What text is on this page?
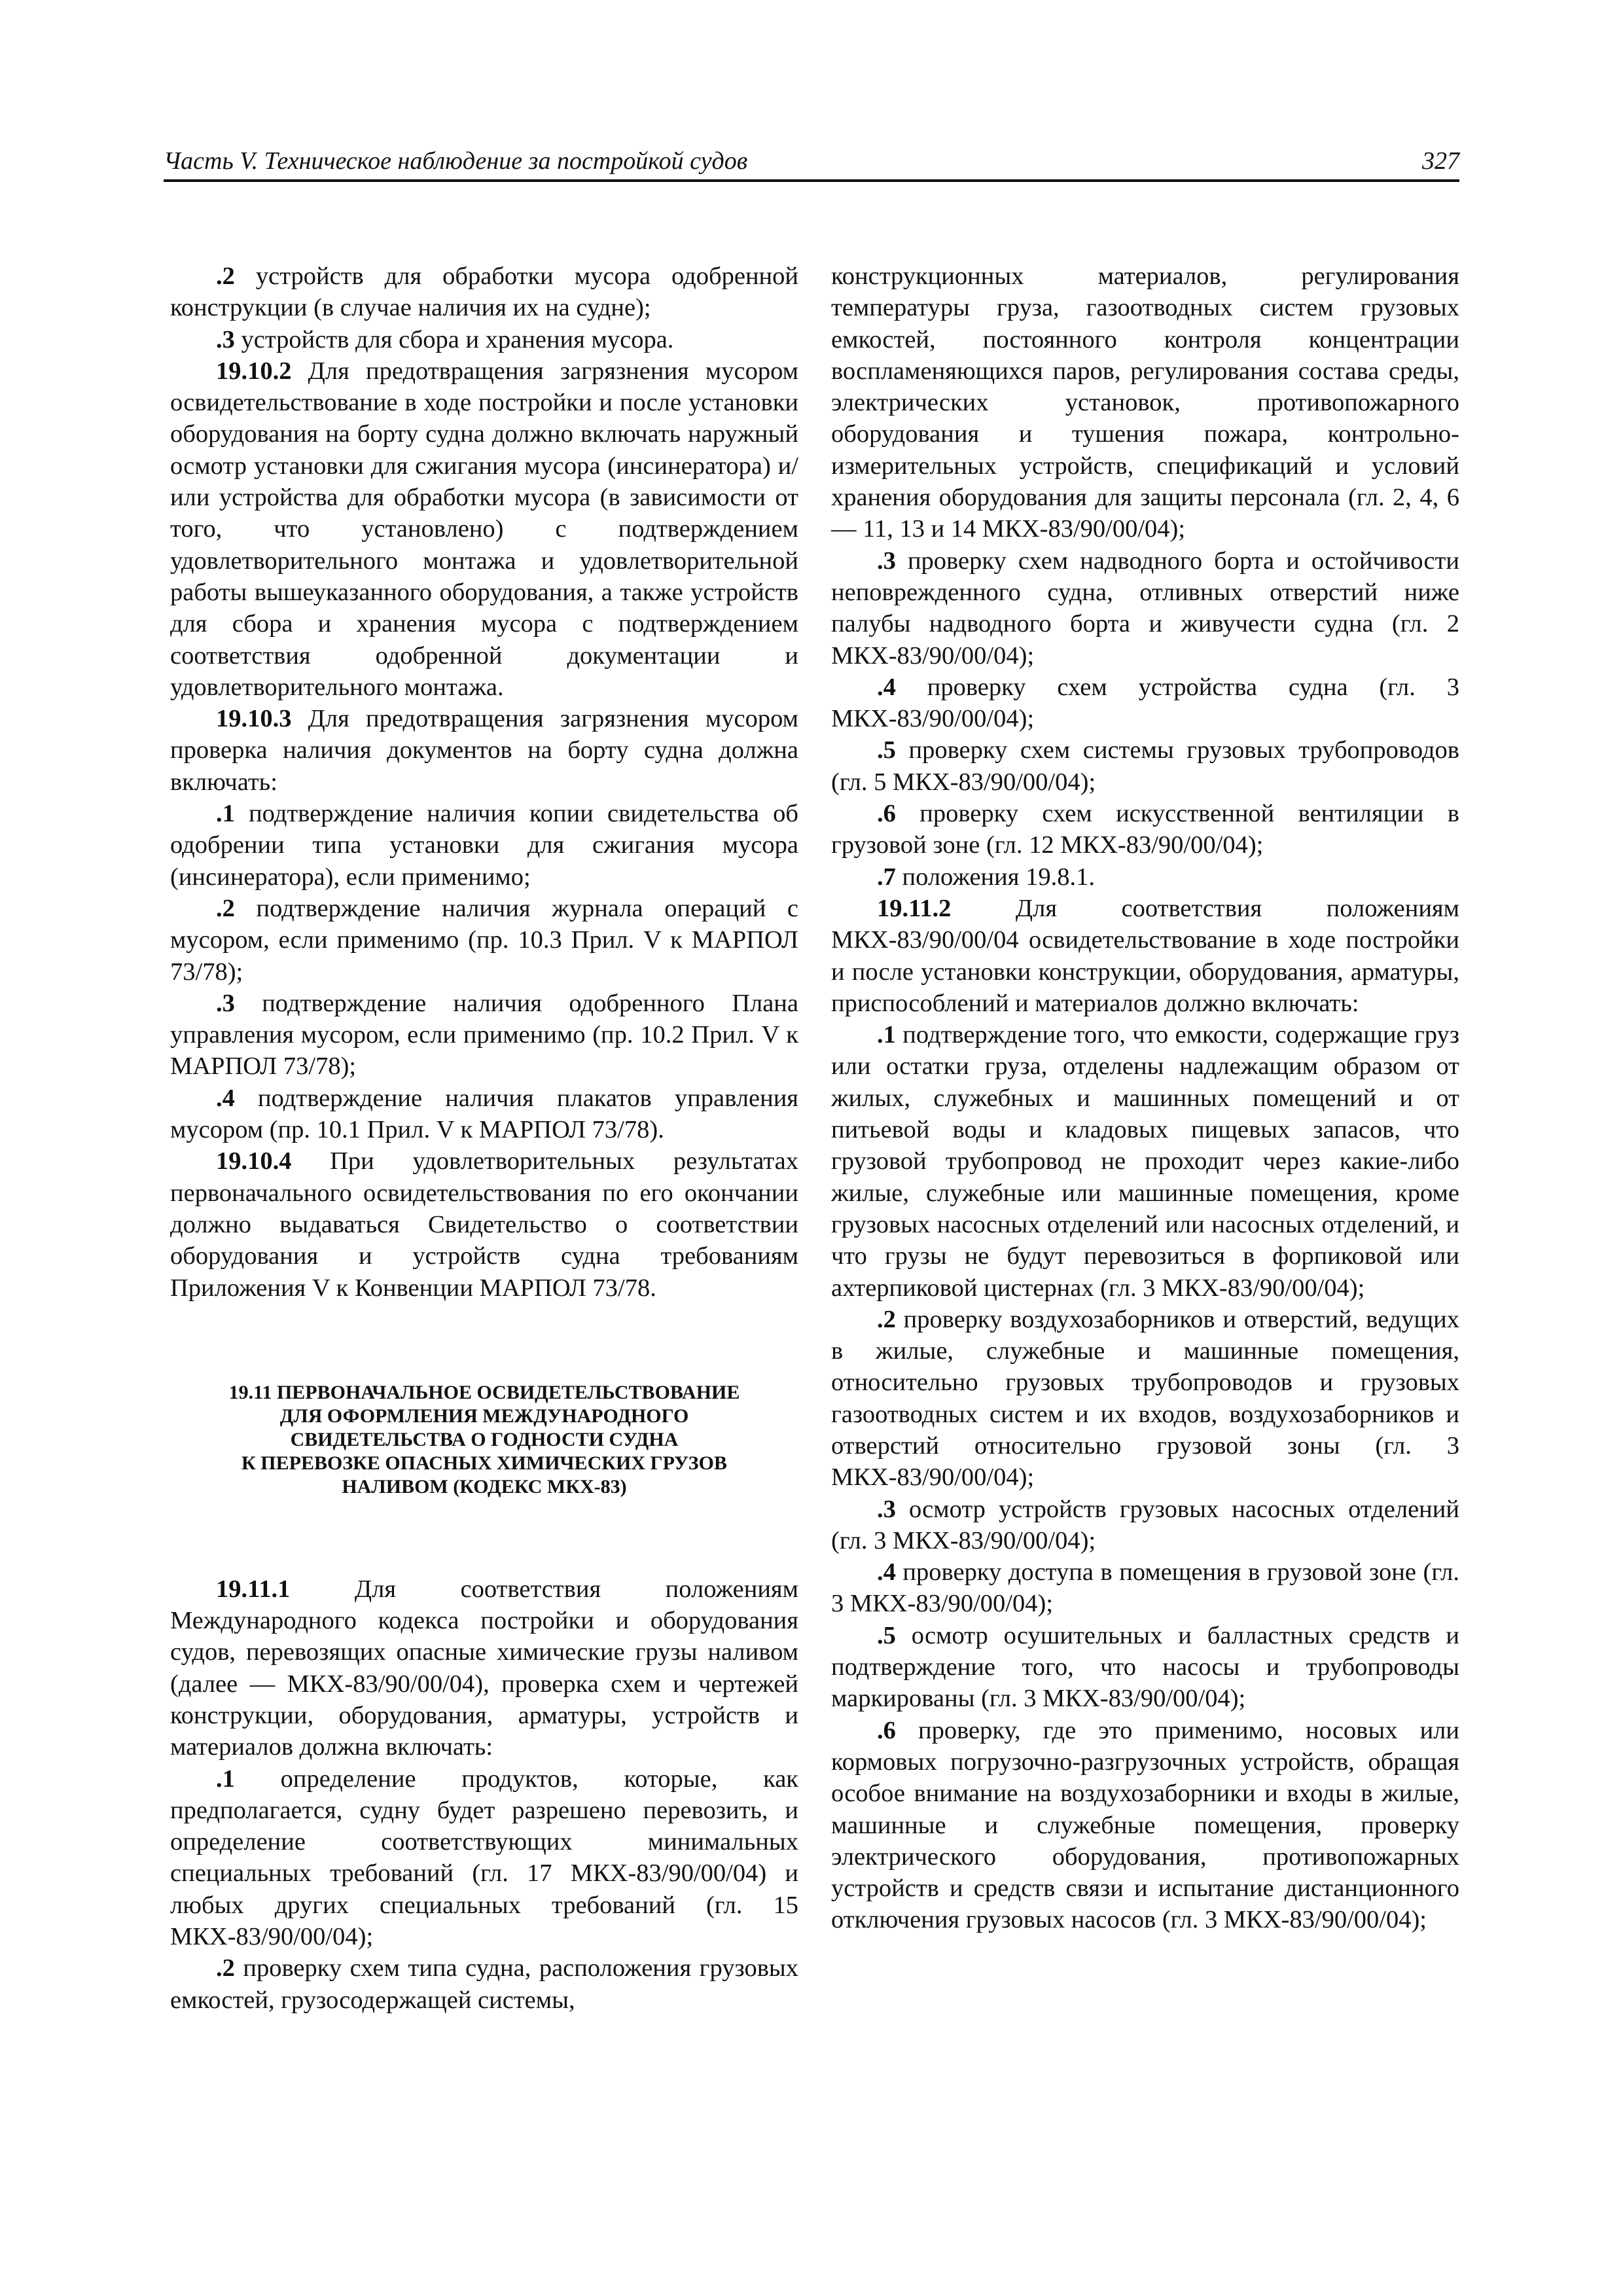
Часть V. Техническое наблюдение за постройкой судов	327

.2 устройств для обработки мусора одобренной конструкции (в случае наличия их на судне);

.3 устройств для сбора и хранения мусора.

19.10.2 Для предотвращения загрязнения мусором освидетельствование в ходе постройки и после установки оборудования на борту судна должно включать наружный осмотр установки для сжигания мусора (инсинератора) и/или устройства для обработки мусора (в зависимости от того, что установлено) с подтверждением удовлетворительного монтажа и удовлетворительной работы вышеуказанного оборудования, а также устройств для сбора и хранения мусора с подтверждением соответствия одобренной документации и удовлетворительного монтажа.

19.10.3 Для предотвращения загрязнения мусором проверка наличия документов на борту судна должна включать:

.1 подтверждение наличия копии свидетельства об одобрении типа установки для сжигания мусора (инсинератора), если применимо;

.2 подтверждение наличия журнала операций с мусором, если применимо (пр. 10.3 Прил. V к МАРПОЛ 73/78);

.3 подтверждение наличия одобренного Плана управления мусором, если применимо (пр. 10.2 Прил. V к МАРПОЛ 73/78);

.4 подтверждение наличия плакатов управления мусором (пр. 10.1 Прил. V к МАРПОЛ 73/78).

19.10.4 При удовлетворительных результатах первоначального освидетельствования по его окончании должно выдаваться Свидетельство о соответствии оборудования и устройств судна требованиям Приложения V к Конвенции МАРПОЛ 73/78.

19.11 ПЕРВОНАЧАЛЬНОЕ ОСВИДЕТЕЛЬСТВОВАНИЕ
ДЛЯ ОФОРМЛЕНИЯ МЕЖДУНАРОДНОГО
СВИДЕТЕЛЬСТВА О ГОДНОСТИ СУДНА
К ПЕРЕВОЗКЕ ОПАСНЫХ ХИМИЧЕСКИХ ГРУЗОВ
НАЛИВОМ (КОДЕКС МКХ-83)

19.11.1 Для соответствия положениям Международного кодекса постройки и оборудования судов, перевозящих опасные химические грузы наливом (далее — МКХ-83/90/00/04), проверка схем и чертежей конструкции, оборудования, арматуры, устройств и материалов должна включать:

.1 определение продуктов, которые, как предполагается, судну будет разрешено перевозить, и определение соответствующих минимальных специальных требований (гл. 17 МКХ-83/90/00/04) и любых других специальных требований (гл. 15 МКХ-83/90/00/04);

.2 проверку схем типа судна, расположения грузовых емкостей, грузосодержащей системы,

конструкционных материалов, регулирования температуры груза, газоотводных систем грузовых емкостей, постоянного контроля концентрации воспламеняющихся паров, регулирования состава среды, электрических установок, противопожарного оборудования и тушения пожара, контрольно-измерительных устройств, спецификаций и условий хранения оборудования для защиты персонала (гл. 2, 4, 6 — 11, 13 и 14 МКХ-83/90/00/04);

.3 проверку схем надводного борта и остойчивости неповрежденного судна, отливных отверстий ниже палубы надводного борта и живучести судна (гл. 2 МКХ-83/90/00/04);

.4 проверку схем устройства судна (гл. 3 МКХ-83/90/00/04);

.5 проверку схем системы грузовых трубопроводов (гл. 5 МКХ-83/90/00/04);

.6 проверку схем искусственной вентиляции в грузовой зоне (гл. 12 МКХ-83/90/00/04);

.7 положения 19.8.1.

19.11.2 Для соответствия положениям МКХ-83/90/00/04 освидетельствование в ходе постройки и после установки конструкции, оборудования, арматуры, приспособлений и материалов должно включать:

.1 подтверждение того, что емкости, содержащие груз или остатки груза, отделены надлежащим образом от жилых, служебных и машинных помещений и от питьевой воды и кладовых пищевых запасов, что грузовой трубопровод не проходит через какие-либо жилые, служебные или машинные помещения, кроме грузовых насосных отделений или насосных отделений, и что грузы не будут перевозиться в форпиковой или ахтерпиковой цистернах (гл. 3 МКХ-83/90/00/04);

.2 проверку воздухозаборников и отверстий, ведущих в жилые, служебные и машинные помещения, относительно грузовых трубопроводов и грузовых газоотводных систем и их входов, воздухозаборников и отверстий относительно грузовой зоны (гл. 3 МКХ-83/90/00/04);

.3 осмотр устройств грузовых насосных отделений (гл. 3 МКХ-83/90/00/04);

.4 проверку доступа в помещения в грузовой зоне (гл. 3 МКХ-83/90/00/04);

.5 осмотр осушительных и балластных средств и подтверждение того, что насосы и трубопроводы маркированы (гл. 3 МКХ-83/90/00/04);

.6 проверку, где это применимо, носовых или кормовых погрузочно-разгрузочных устройств, обращая особое внимание на воздухозаборники и входы в жилые, машинные и служебные помещения, проверку электрического оборудования, противопожарных устройств и средств связи и испытание дистанционного отключения грузовых насосов (гл. 3 МКХ-83/90/00/04);
